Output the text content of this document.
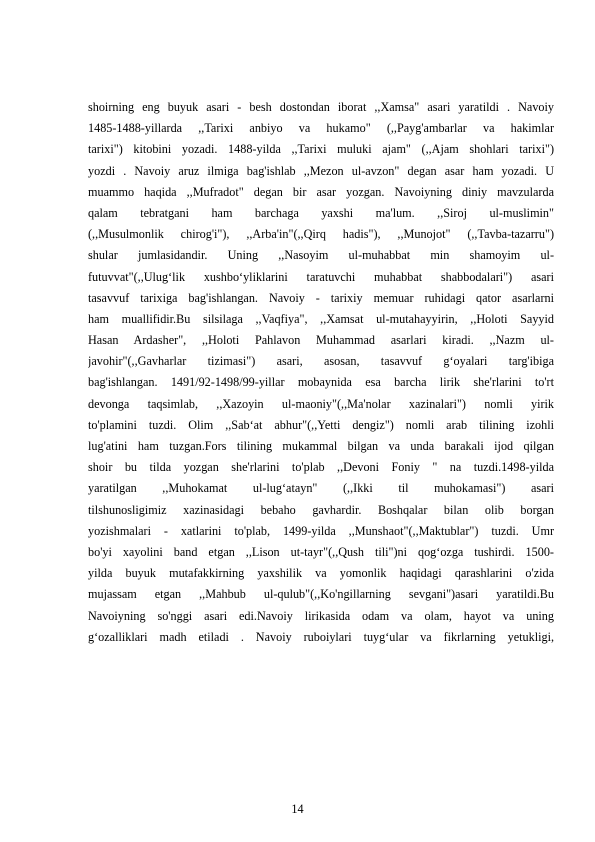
shoirning eng buyuk asari - besh dostondan iborat ,,Xamsa" asari yaratildi . Navoiy
1485-1488-yillarda ,,Tarixi anbiyo va hukamo" (,,Payg'ambarlar va hakimlar
tarixi") kitobini yozadi. 1488-yilda ,,Tarixi muluki ajam" (,,Ajam shohlari tarixi")
yozdi . Navoiy aruz ilmiga bag'ishlab ,,Mezon ul-avzon" degan asar ham yozadi. U
muammo haqida ,,Mufradot" degan bir asar yozgan. Navoiyning diniy mavzularda
qalam tebratgani ham barchaga yaxshi ma'lum. ,,Siroj ul-muslimin"
(,,Musulmonlik chirog'i"), ,,Arba'in"(,,Qirq hadis"), ,,Munojot" (,,Tavba-tazarru")
shular jumlasidandir. Uning ,,Nasoyim ul-muhabbat min shamoyim ul-
futuvvat"(,,Ulug‘lik xushbo‘yliklarini taratuvchi muhabbat shabbodalari") asari
tasavvuf tarixiga bag'ishlangan. Navoiy - tarixiy memuar ruhidagi qator asarlarni
ham muallifidir.Bu silsilaga ,,Vaqfiya", ,,Xamsat ul-mutahayyirin, ,,Holoti Sayyid
Hasan Ardasher", ,,Holoti Pahlavon Muhammad asarlari kiradi. ,,Nazm ul-
javohir"(,,Gavharlar tizimasi") asari, asosan, tasavvuf g‘oyalari targ'ibiga
bag'ishlangan. 1491/92-1498/99-yillar mobaynida esa barcha lirik she'rlarini to'rt
devonga taqsimlab, ,,Xazoyin ul-maoniy"(,,Ma'nolar xazinalari") nomli yirik
to'plamini tuzdi. Olim ,,Sab‘at abhur"(,,Yetti dengiz") nomli arab tilining izohli
lug'atini ham tuzgan.Fors tilining mukammal bilgan va unda barakali ijod qilgan
shoir bu tilda yozgan she'rlarini to'plab ,,Devoni Foniy " na tuzdi.1498-yilda
yaratilgan ,,Muhokamat ul-lug‘atayn" (,,Ikki til muhokamasi") asari
tilshunosligimiz xazinasidagi bebaho gavhardir. Boshqalar bilan olib borgan
yozishmalari - xatlarini to'plab, 1499-yilda ,,Munshaot"(,,Maktublar") tuzdi. Umr
bo'yi xayolini band etgan ,,Lison ut-tayr"(,,Qush tili")ni qog‘ozga tushirdi. 1500-
yilda buyuk mutafakkirning yaxshilik va yomonlik haqidagi qarashlarini o'zida
mujassam etgan ,,Mahbub ul-qulub"(,,Ko'ngillarning sevgani")asari yaratildi.Bu
Navoiyning so'nggi asari edi.Navoiy lirikasida odam va olam, hayot va uning
g‘ozalliklari madh etiladi . Navoiy ruboiylari tuyg‘ular va fikrlarning yetukligi,
14
